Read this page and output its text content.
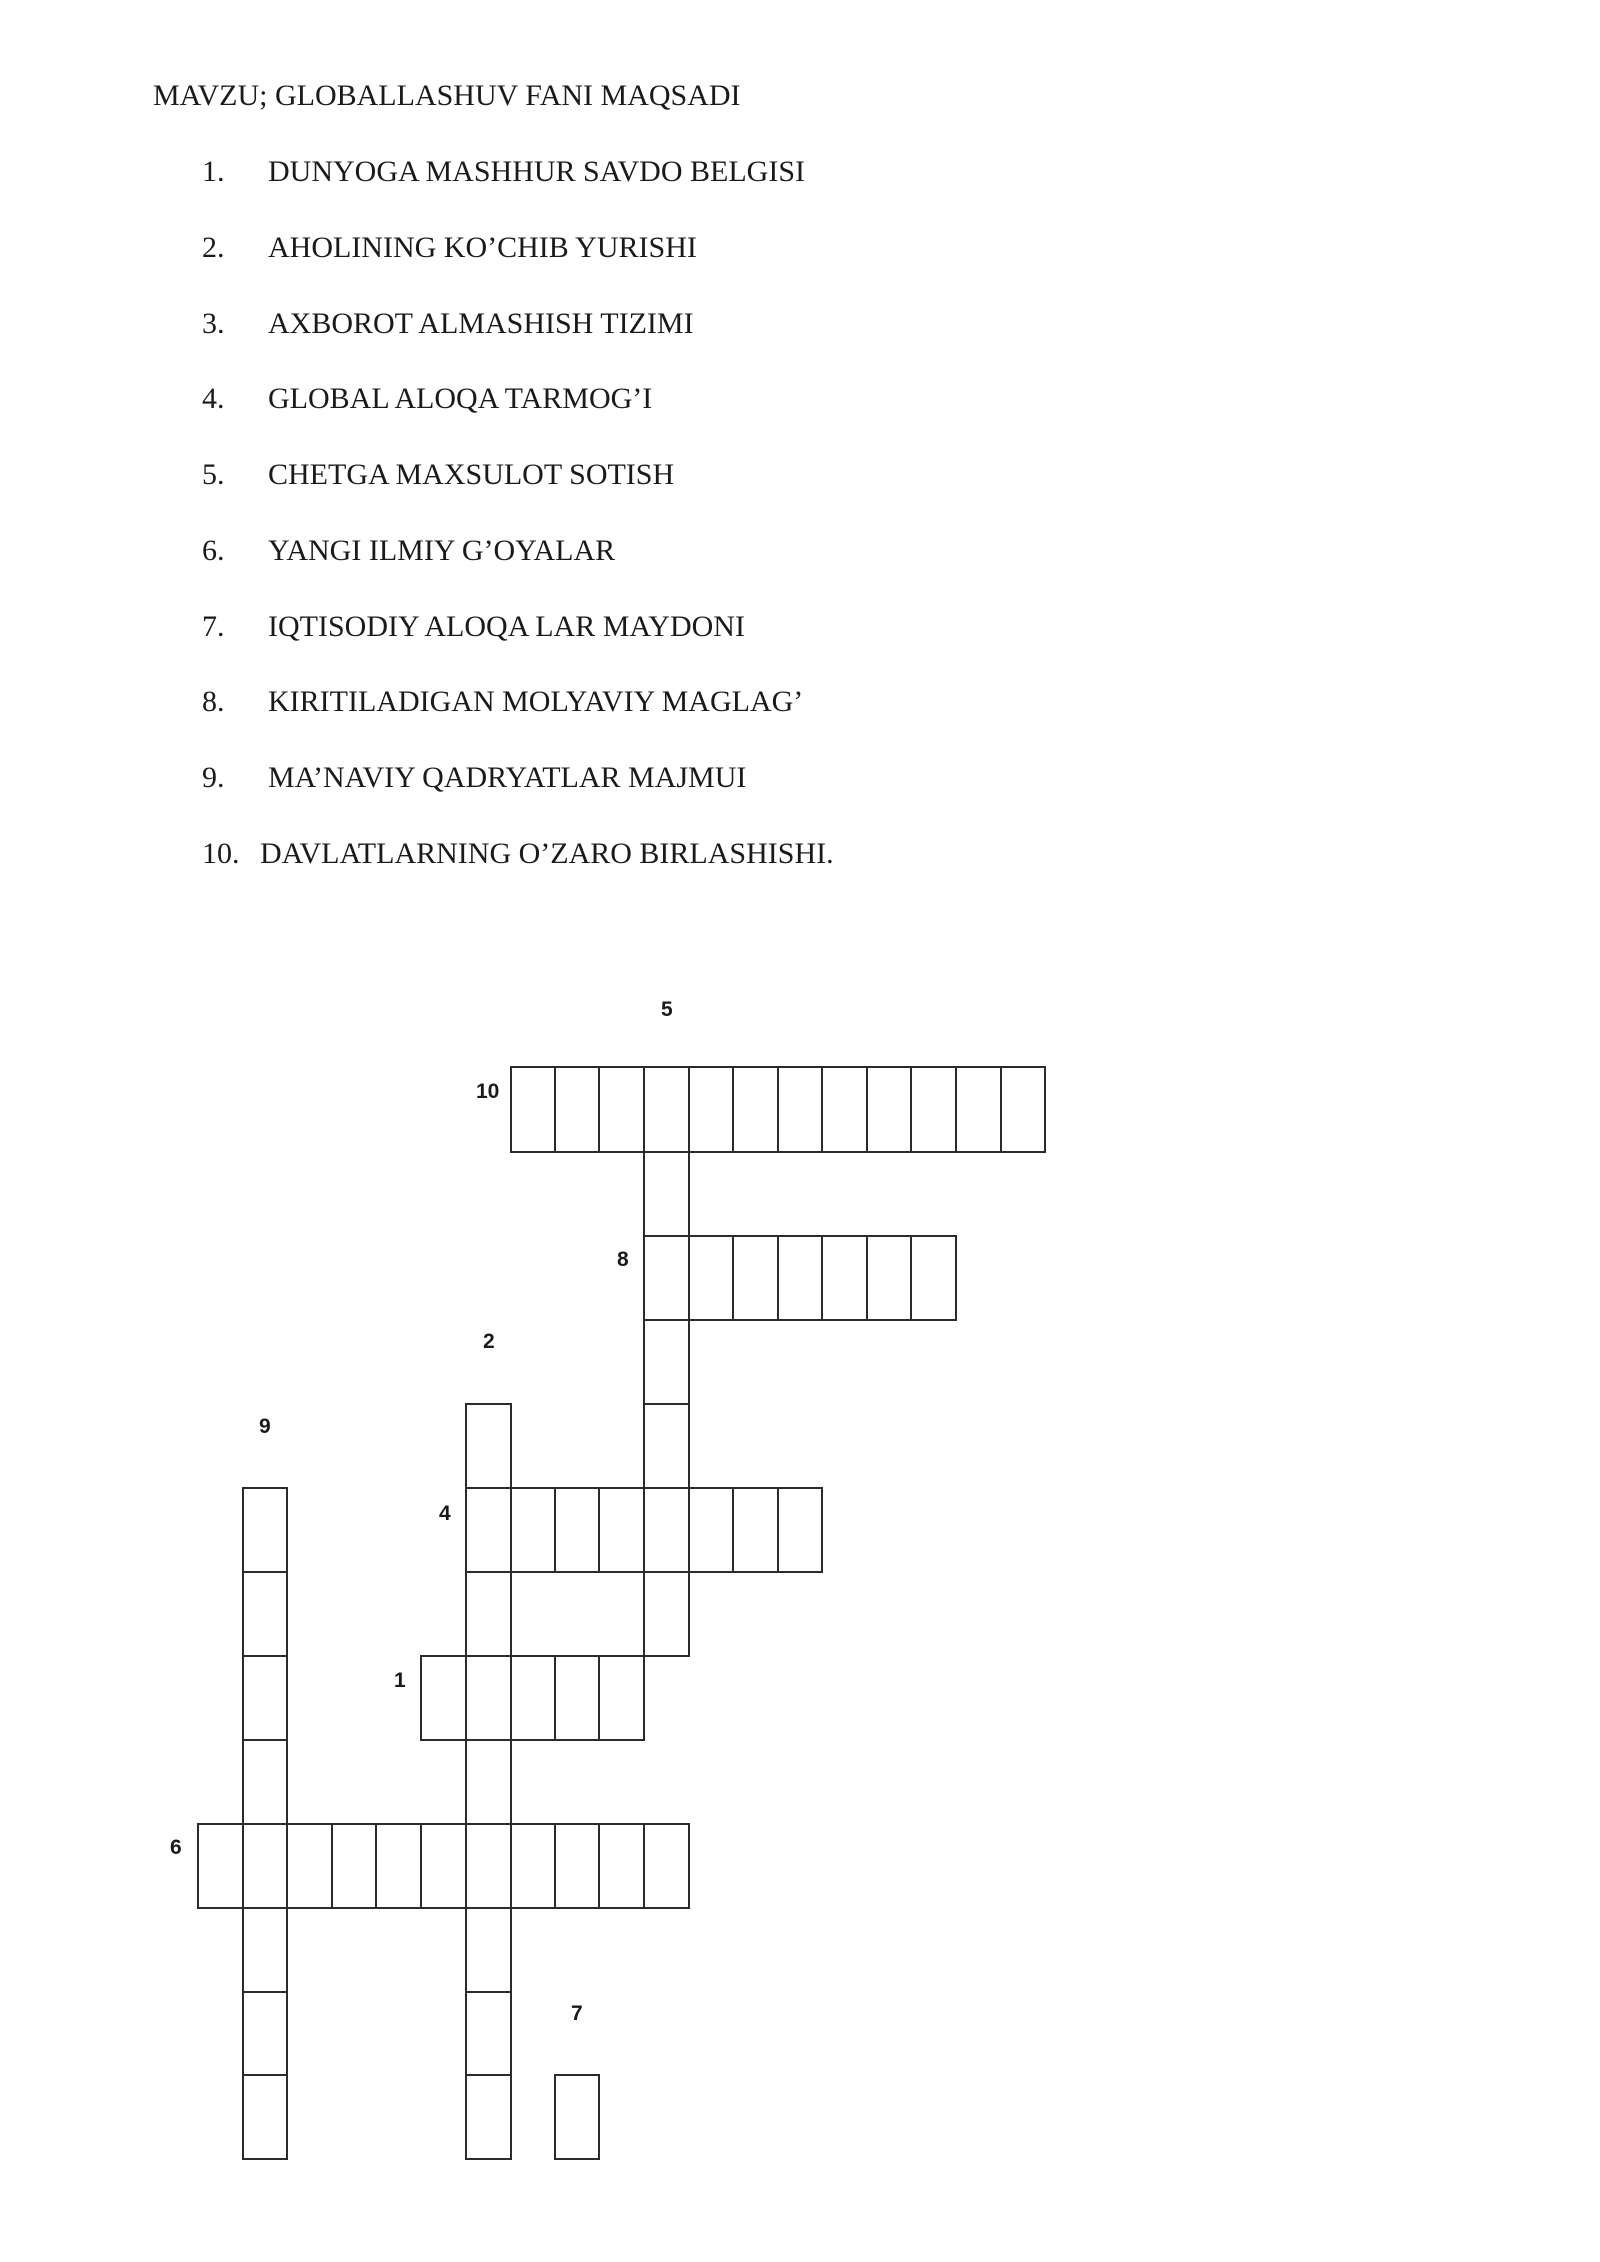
MAVZU; GLOBALLASHUV FANI MAQSADI
1. DUNYOGA MASHHUR SAVDO BELGISI
2. AHOLINING KO’CHIB YURISHI
3. AXBOROT ALMASHISH TIZIMI
4. GLOBAL ALOQA TARMOG’I
5. CHETGA MAXSULOT SOTISH
6. YANGI ILMIY G’OYALAR
7. IQTISODIY ALOQA LAR MAYDONI
8. KIRITILADIGAN MOLYAVIY MAGLAG’
9. MA’NAVIY QADRYATLAR MAJMUI
10. DAVLATLARNING O’ZARO BIRLASHISHI.
5
10
8
2
9
4
1
6
7
